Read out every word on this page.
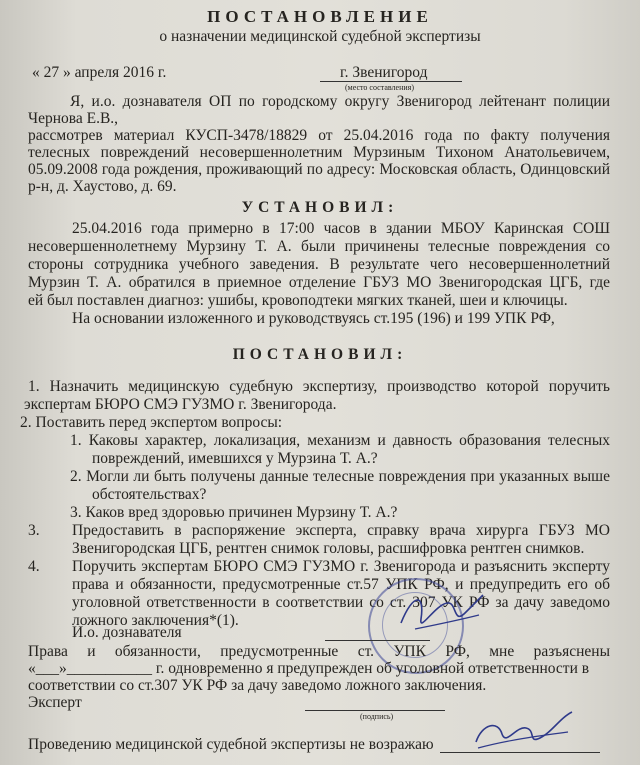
ПОСТАНОВЛЕНИЕ
о назначении медицинской судебной экспертизы
« 27 » апреля 2016 г.	г. Звенигород
(место составления)
Я, и.о. дознавателя ОП по городскому округу Звенигород лейтенант полиции
Чернова Е.В.,
рассмотрев материал КУСП-3478/18829 от 25.04.2016 года по факту получения
телесных повреждений несовершеннолетним Мурзиным Тихоном Анатольевичем,
05.09.2008 года рождения, проживающий по адресу: Московская область, Одинцовский
р-н, д. Хаустово, д. 69.
УСТАНОВИЛ:
25.04.2016 года примерно в 17:00 часов в здании МБОУ Каринская СОШ
несовершеннолетнему Мурзину Т. А. были причинены телесные повреждения со
стороны сотрудника учебного заведения. В результате чего несовершеннолетний
Мурзин Т. А. обратился в приемное отделение ГБУЗ МО Звенигородская ЦГБ, где
ей был поставлен диагноз: ушибы, кровоподтеки мягких тканей, шеи и ключицы.
На основании изложенного и руководствуясь ст.195 (196) и 199 УПК РФ,
ПОСТАНОВИЛ:
1. Назначить медицинскую судебную экспертизу, производство которой поручить
экспертам БЮРО СМЭ ГУЗМО г. Звенигорода.
2. Поставить перед экспертом вопросы:
1. Каковы характер, локализация, механизм и давность образования телесных
повреждений, имевшихся у Мурзина Т. А.?
2. Могли ли быть получены данные телесные повреждения при указанных выше
обстоятельствах?
3. Каков вред здоровью причинен Мурзину Т. А.?
3. Предоставить в распоряжение эксперта, справку врача хирурга ГБУЗ МО
Звенигородская ЦГБ, рентген снимок головы, расшифровка рентген снимков.
4. Поручить экспертам БЮРО СМЭ ГУЗМО г. Звенигорода и разъяснить эксперту
права и обязанности, предусмотренные ст.57 УПК РФ, и предупредить его об
уголовной ответственности в соответствии со ст. 307 УК РФ за дачу заведомо
ложного заключения*(1).
И.о. дознавателя
Права и обязанности, предусмотренные ст. УПК РФ, мне разъяснены
«___»___________ г. одновременно я предупрежден об уголовной ответственности в
соответствии со ст.307 УК РФ за дачу заведомо ложного заключения.
Эксперт
(подпись)
Проведению медицинской судебной экспертизы не возражаю
